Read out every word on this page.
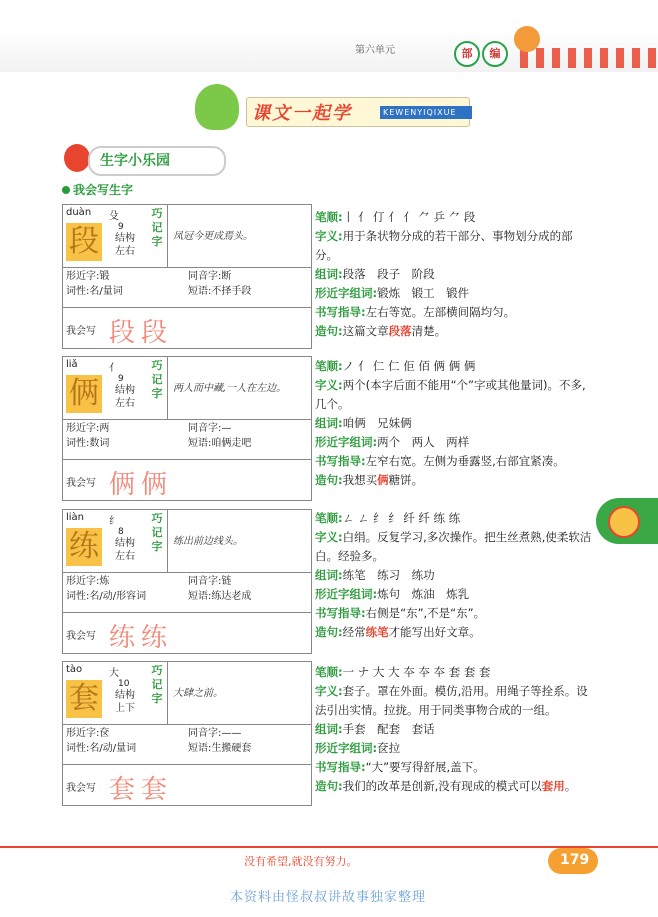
第六单元	部	编
课文一起学	KEWENYIQIXUE
生字小乐园
我会写生字
duàn
段
殳
9
结构
左右
巧
记
字 凤冠今更成焉头。
形近字:锻	同音字:断
词性:名/量词	短语:不择手段
我会写 段段
liǎ
俩
亻
9
结构
左右
巧
记
字 两人而中藏,一人在左边。
形近字:两	同音字:—
词性:数词	短语:咱俩走吧
我会写 俩俩
liàn
练
纟
8
结构
左右
巧
记
字 练出前边线头。
形近字:炼	同音字:链
词性:名/动/形容词	短语:练达老成
我会写 练练
tào
套
大
10
结构
上下
巧
记
字 大肆之前。
形近字:奁	同音字:——
词性:名/动/量词	短语:生搬硬套
我会写 套套
没有希望,就没有努力。	179
本资料由怪叔叔讲故事独家整理
笔顺:丨 亻 仃 亻 亻 ⺈ 乒 ⺈ 段
字义:用于条状物分成的若干部分、事物划分成的部分。
组词:段落　段子　阶段
形近字组词:锻炼　锻工　锻件
书写指导:左右等宽。左部横间隔均匀。
造句:这篇文章段落清楚。
笔顺:ノ 亻 仁 仁 佢 佰 俩 俩 俩
字义:两个(本字后面不能用“个”字或其他量词)。不多,几个。
组词:咱俩　兄妹俩
形近字组词:两个　两人　两样
书写指导:左窄右宽。左侧为垂露竖,右部宜紧凑。
造句:我想买俩糖饼。
笔顺:ㄥ ㄥ 纟 纟 纤 纤 练 练
字义:白绢。反复学习,多次操作。把生丝煮熟,使柔软洁白。经验多。
组词:练笔　练习　练功
形近字组词:炼句　炼油　炼乳
书写指导:右侧是“东”,不是“东”。
造句:经常练笔才能写出好文章。
笔顺:一 ナ 大 大 夲 夲 夲 套 套 套
字义:套子。罩在外面。模仿,沿用。用绳子等拴系。设法引出实情。拉拢。用于同类事物合成的一组。
组词:手套　配套　套话
形近字组词:奁拉
书写指导:“大”要写得舒展,盖下。
造句:我们的改革是创新,没有现成的模式可以套用。
